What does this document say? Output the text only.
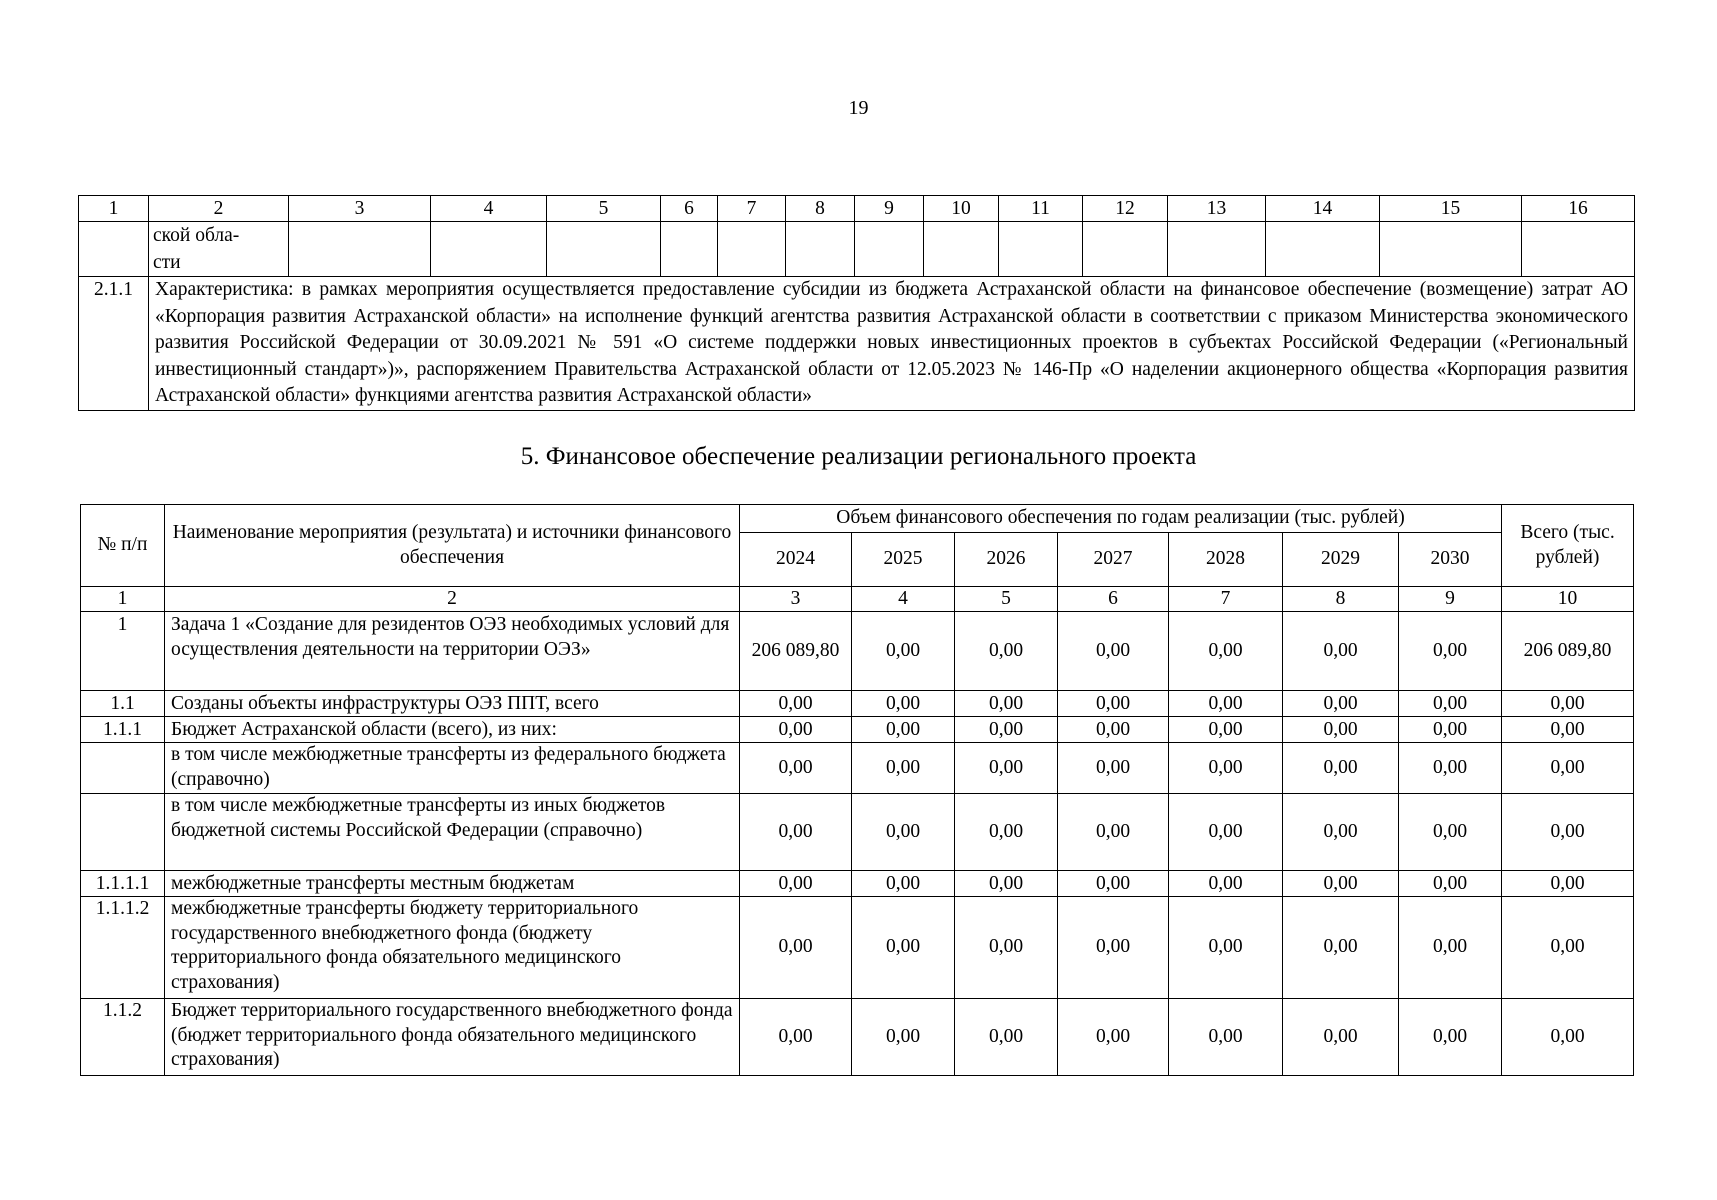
19
1	2	3	4	5	6	7	8	9	10	11	12	13	14	15	16
	ской обла-
сти														
2.1.1	Характеристика: в рамках мероприятия осуществляется предоставление субсидии из бюджета Астраханской области на финансовое обеспечение (возмещение) затрат АО «Корпорация развития Астраханской области» на исполнение функций агентства развития Астраханской области в соответствии с приказом Министерства экономического развития Российской Федерации от 30.09.2021 № 591 «О системе поддержки новых инвестиционных проектов в субъектах Российской Федерации («Региональный инвестиционный стандарт»)», распоряжением Правительства Астраханской области от 12.05.2023 № 146-Пр «О наделении акционерного общества «Корпорация развития Астраханской области» функциями агентства развития Астраханской области»														
5. Финансовое обеспечение реализации регионального проекта
№ п/п	Наименование мероприятия (результата) и источники финансового обеспечения	Объем финансового обеспечения по годам реализации (тыс. рублей)							Всего (тыс. рублей)
		2024	2025	2026	2027	2028	2029	2030	
1	2	3	4	5	6	7	8	9	10
1	Задача 1 «Создание для резидентов ОЭЗ необходимых условий для осуществления деятельности на территории ОЭЗ»	206 089,80	0,00	0,00	0,00	0,00	0,00	0,00	206 089,80
1.1	Созданы объекты инфраструктуры ОЭЗ ППТ, всего	0,00	0,00	0,00	0,00	0,00	0,00	0,00	0,00
1.1.1	Бюджет Астраханской области (всего), из них:	0,00	0,00	0,00	0,00	0,00	0,00	0,00	0,00
	в том числе межбюджетные трансферты из федерального бюджета (справочно)	0,00	0,00	0,00	0,00	0,00	0,00	0,00	0,00
	в том числе межбюджетные трансферты из иных бюджетов бюджетной системы Российской Федерации (справочно)	0,00	0,00	0,00	0,00	0,00	0,00	0,00	0,00
1.1.1.1	межбюджетные трансферты местным бюджетам	0,00	0,00	0,00	0,00	0,00	0,00	0,00	0,00
1.1.1.2	межбюджетные трансферты бюджету территориального государственного внебюджетного фонда (бюджету территориального фонда обязательного медицинского страхования)	0,00	0,00	0,00	0,00	0,00	0,00	0,00	0,00
1.1.2	Бюджет территориального государственного внебюджетного фонда (бюджет территориального фонда обязательного медицинского страхования)	0,00	0,00	0,00	0,00	0,00	0,00	0,00	0,00
